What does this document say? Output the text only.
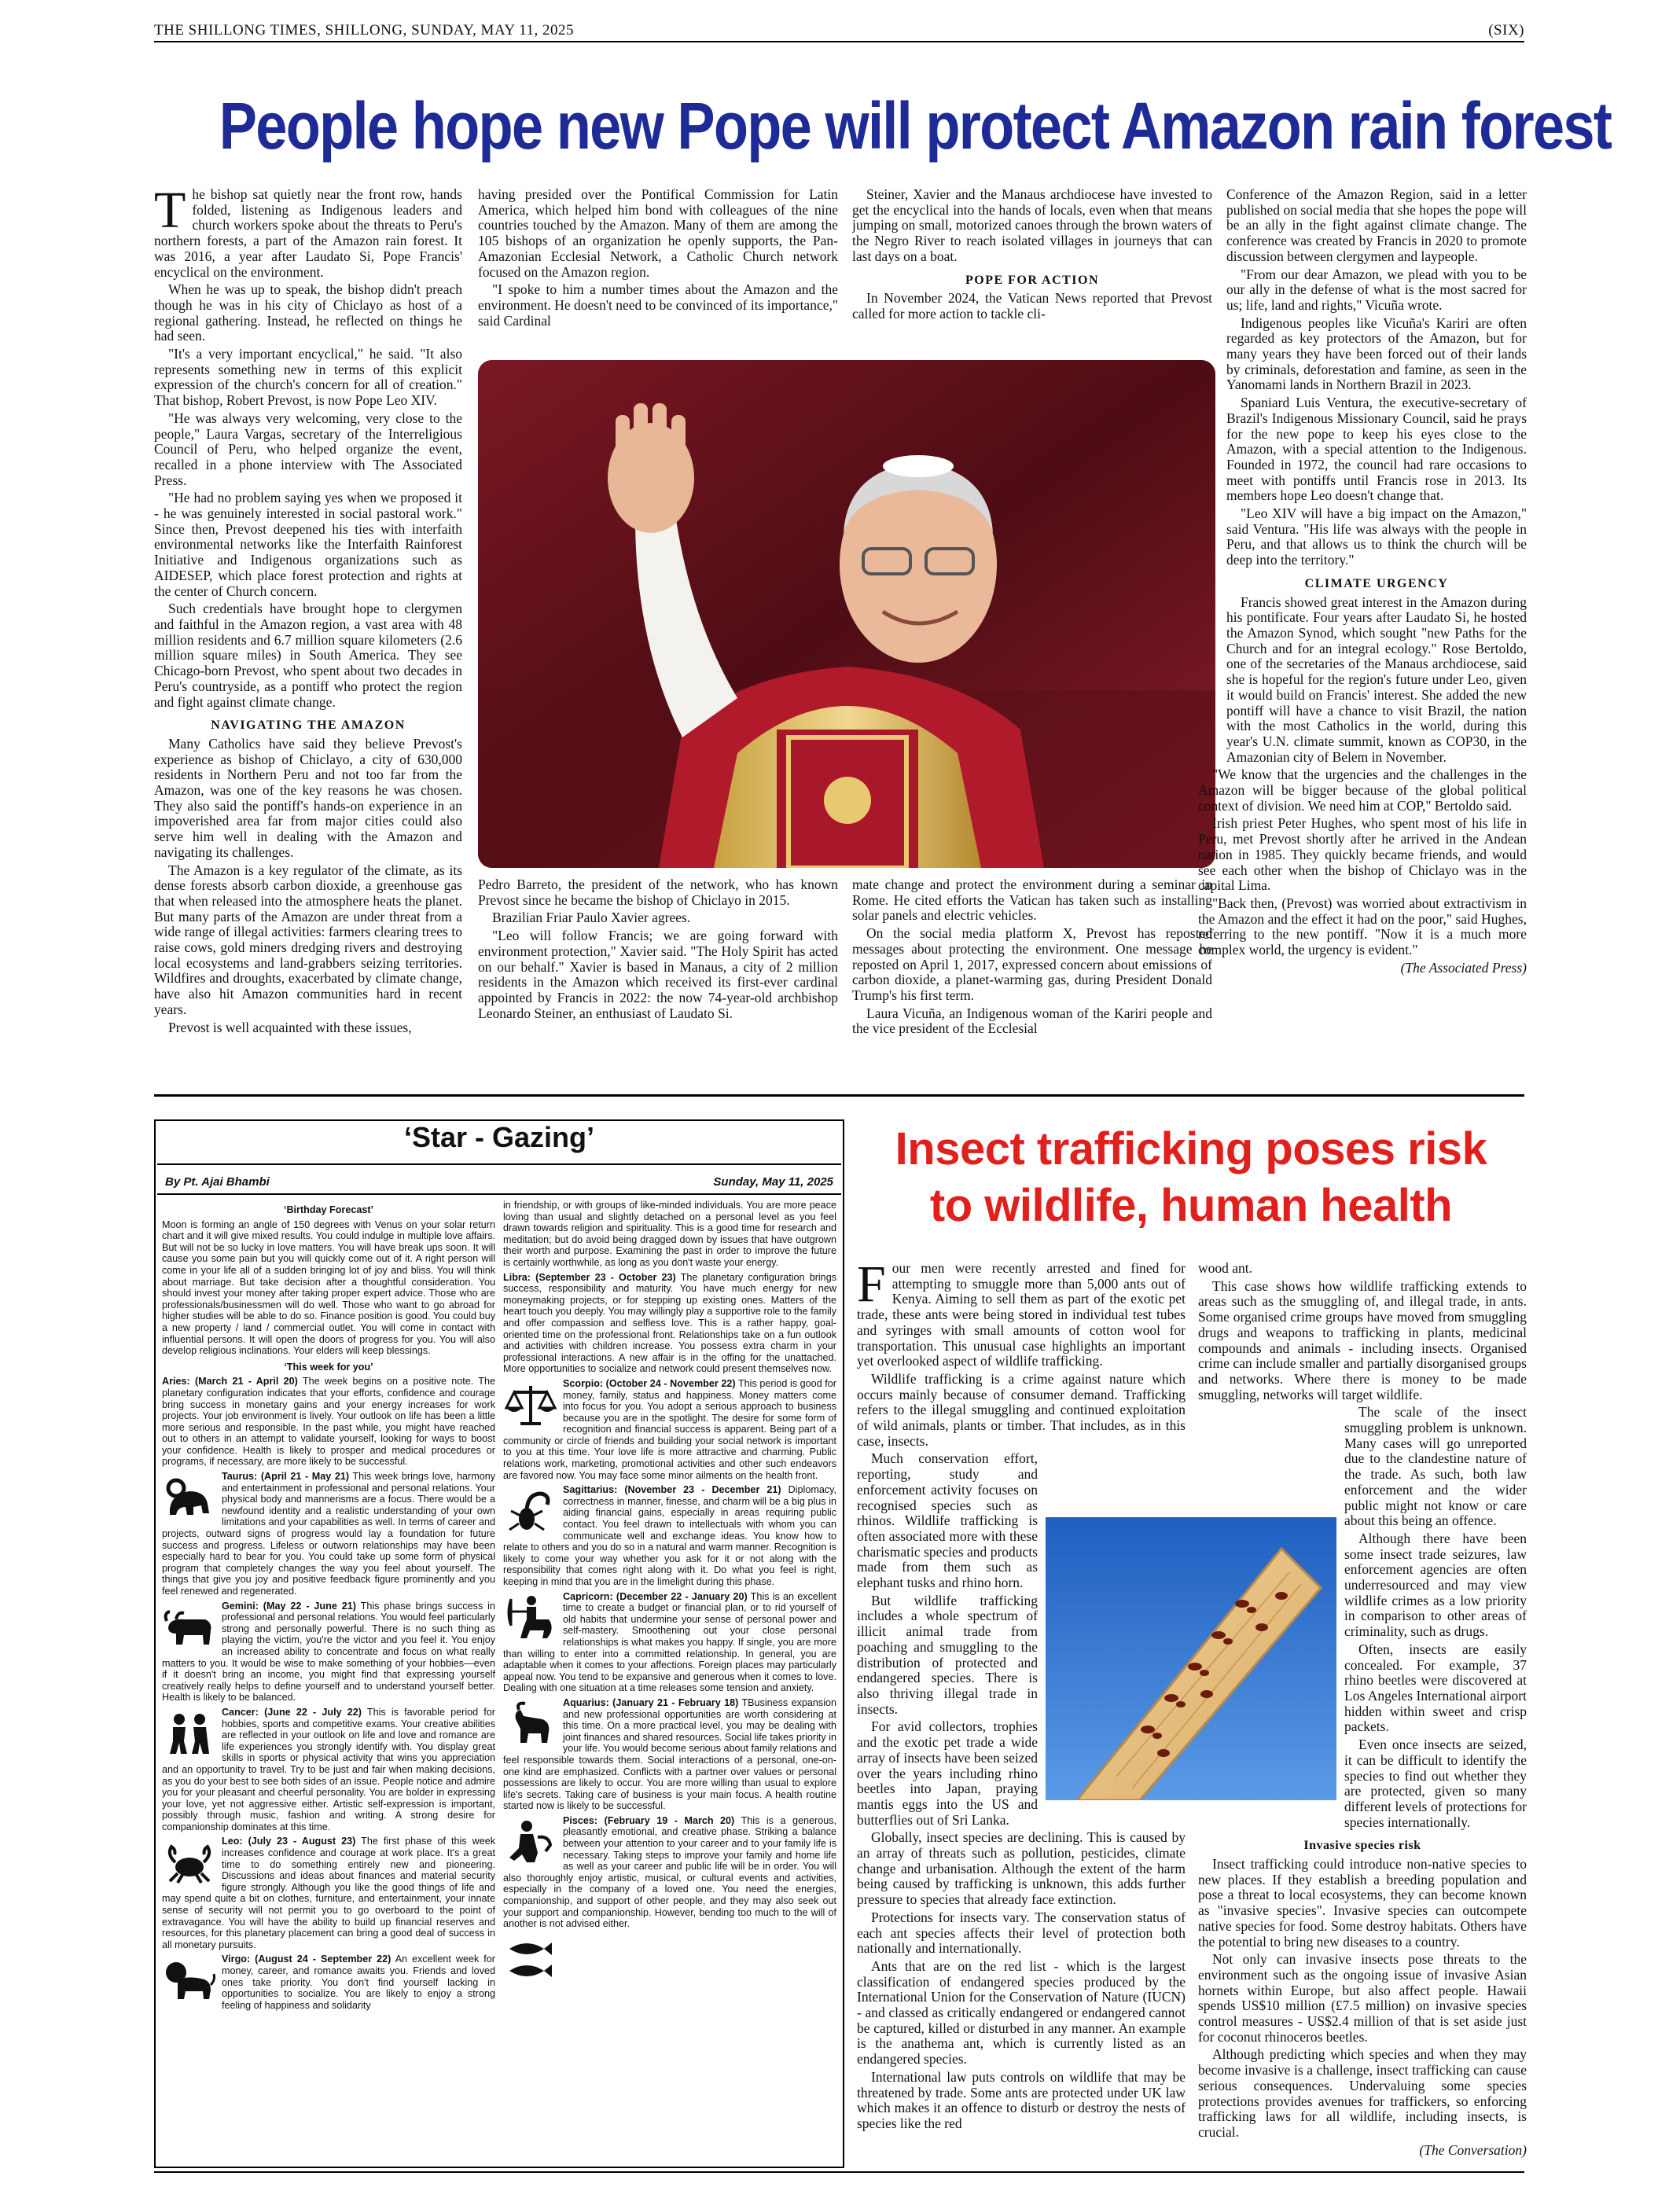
THE SHILLONG TIMES, SHILLONG, SUNDAY, MAY 11, 2025	(SIX)
People hope new Pope will protect Amazon rain forest

The bishop sat quietly near the front row, hands folded, listening as Indigenous leaders and church workers spoke about the threats to Peru's northern forests, a part of the Amazon rain forest. It was 2016, a year after Laudato Si, Pope Francis' encyclical on the environment.

When he was up to speak, the bishop didn't preach though he was in his city of Chiclayo as host of a regional gathering. Instead, he reflected on things he had seen.

"It's a very important encyclical," he said. "It also represents something new in terms of this explicit expression of the church's concern for all of creation." That bishop, Robert Prevost, is now Pope Leo XIV.

"He was always very welcoming, very close to the people," Laura Vargas, secretary of the Interreligious Council of Peru, who helped organize the event, recalled in a phone interview with The Associated Press.

"He had no problem saying yes when we proposed it - he was genuinely interested in social pastoral work." Since then, Prevost deepened his ties with interfaith environmental networks like the Interfaith Rainforest Initiative and Indigenous organizations such as AIDESEP, which place forest protection and rights at the center of Church concern.

Such credentials have brought hope to clergymen and faithful in the Amazon region, a vast area with 48 million residents and 6.7 million square kilometers (2.6 million square miles) in South America. They see Chicago-born Prevost, who spent about two decades in Peru's countryside, as a pontiff who protect the region and fight against climate change.

NAVIGATING THE AMAZON

Many Catholics have said they believe Prevost's experience as bishop of Chiclayo, a city of 630,000 residents in Northern Peru and not too far from the Amazon, was one of the key reasons he was chosen. They also said the pontiff's hands-on experience in an impoverished area far from major cities could also serve him well in dealing with the Amazon and navigating its challenges.

The Amazon is a key regulator of the climate, as its dense forests absorb carbon dioxide, a greenhouse gas that when released into the atmosphere heats the planet. But many parts of the Amazon are under threat from a wide range of illegal activities: farmers clearing trees to raise cows, gold miners dredging rivers and destroying local ecosystems and land-grabbers seizing territories. Wildfires and droughts, exacerbated by climate change, have also hit Amazon communities hard in recent years.

Prevost is well acquainted with these issues,

having presided over the Pontifical Commission for Latin America, which helped him bond with colleagues of the nine countries touched by the Amazon. Many of them are among the 105 bishops of an organization he openly supports, the Pan-Amazonian Ecclesial Network, a Catholic Church network focused on the Amazon region.

"I spoke to him a number times about the Amazon and the environment. He doesn't need to be convinced of its importance," said Cardinal

Steiner, Xavier and the Manaus archdiocese have invested to get the encyclical into the hands of locals, even when that means jumping on small, motorized canoes through the brown waters of the Negro River to reach isolated villages in journeys that can last days on a boat.

POPE FOR ACTION

In November 2024, the Vatican News reported that Prevost called for more action to tackle cli-

Pedro Barreto, the president of the network, who has known Prevost since he became the bishop of Chiclayo in 2015.

Brazilian Friar Paulo Xavier agrees.

"Leo will follow Francis; we are going forward with environment protection," Xavier said. "The Holy Spirit has acted on our behalf." Xavier is based in Manaus, a city of 2 million residents in the Amazon which received its first-ever cardinal appointed by Francis in 2022: the now 74-year-old archbishop Leonardo Steiner, an enthusiast of Laudato Si.

mate change and protect the environment during a seminar in Rome. He cited efforts the Vatican has taken such as installing solar panels and electric vehicles.

On the social media platform X, Prevost has reposted messages about protecting the environment. One message he reposted on April 1, 2017, expressed concern about emissions of carbon dioxide, a planet-warming gas, during President Donald Trump's his first term.

Laura Vicuña, an Indigenous woman of the Kariri people and the vice president of the Ecclesial

Conference of the Amazon Region, said in a letter published on social media that she hopes the pope will be an ally in the fight against climate change. The conference was created by Francis in 2020 to promote discussion between clergymen and laypeople.

"From our dear Amazon, we plead with you to be our ally in the defense of what is the most sacred for us; life, land and rights," Vicuña wrote.

Indigenous peoples like Vicuña's Kariri are often regarded as key protectors of the Amazon, but for many years they have been forced out of their lands by criminals, deforestation and famine, as seen in the Yanomami lands in Northern Brazil in 2023.

Spaniard Luis Ventura, the executive-secretary of Brazil's Indigenous Missionary Council, said he prays for the new pope to keep his eyes close to the Amazon, with a special attention to the Indigenous. Founded in 1972, the council had rare occasions to meet with pontiffs until Francis rose in 2013. Its members hope Leo doesn't change that.

"Leo XIV will have a big impact on the Amazon," said Ventura. "His life was always with the people in Peru, and that allows us to think the church will be deep into the territory."

CLIMATE URGENCY

Francis showed great interest in the Amazon during his pontificate. Four years after Laudato Si, he hosted the Amazon Synod, which sought "new Paths for the Church and for an integral ecology." Rose Bertoldo, one of the secretaries of the Manaus archdiocese, said she is hopeful for the region's future under Leo, given it would build on Francis' interest. She added the new pontiff will have a chance to visit Brazil, the nation with the most Catholics in the world, during this year's U.N. climate summit, known as COP30, in the Amazonian city of Belem in November.

"We know that the urgencies and the challenges in the Amazon will be bigger because of the global political context of division. We need him at COP," Bertoldo said.

Irish priest Peter Hughes, who spent most of his life in Peru, met Prevost shortly after he arrived in the Andean nation in 1985. They quickly became friends, and would see each other when the bishop of Chiclayo was in the capital Lima.

"Back then, (Prevost) was worried about extractivism in the Amazon and the effect it had on the poor," said Hughes, referring to the new pontiff. "Now it is a much more complex world, the urgency is evident."

(The Associated Press)

‘Star - Gazing’
By Pt. Ajai Bhambi	Sunday, May 11, 2025

‘Birthday Forecast’

Moon is forming an angle of 150 degrees with Venus on your solar return chart and it will give mixed results. You could indulge in multiple love affairs. But will not be so lucky in love matters. You will have break ups soon. It will cause you some pain but you will quickly come out of it. A right person will come in your life all of a sudden bringing lot of joy and bliss. You will think about marriage. But take decision after a thoughtful consideration. You should invest your money after taking proper expert advice. Those who are professionals/businessmen will do well. Those who want to go abroad for higher studies will be able to do so. Finance position is good. You could buy a new property / land / commercial outlet. You will come in contact with influential persons. It will open the doors of progress for you. You will also develop religious inclinations. Your elders will keep blessings.

‘This week for you’

Aries: (March 21 - April 20) The week begins on a positive note. The planetary configuration indicates that your efforts, confidence and courage bring success in monetary gains and your energy increases for work projects. Your job environment is lively. Your outlook on life has been a little more serious and responsible. In the past while, you might have reached out to others in an attempt to validate yourself, looking for ways to boost your confidence. Health is likely to prosper and medical procedures or programs, if necessary, are more likely to be successful.

Taurus: (April 21 - May 21) This week brings love, harmony and entertainment in professional and personal relations. Your physical body and mannerisms are a focus. There would be a newfound identity and a realistic understanding of your own limitations and your capabilities as well. In terms of career and projects, outward signs of progress would lay a foundation for future success and progress. Lifeless or outworn relationships may have been especially hard to bear for you. You could take up some form of physical program that completely changes the way you feel about yourself. The things that give you joy and positive feedback figure prominently and you feel renewed and regenerated.

Gemini: (May 22 - June 21) This phase brings success in professional and personal relations. You would feel particularly strong and personally powerful. There is no such thing as playing the victim, you're the victor and you feel it. You enjoy an increased ability to concentrate and focus on what really matters to you. It would be wise to make something of your hobbies—even if it doesn't bring an income, you might find that expressing yourself creatively really helps to define yourself and to understand yourself better. Health is likely to be balanced.

Cancer: (June 22 - July 22) This is favorable period for hobbies, sports and competitive exams. Your creative abilities are reflected in your outlook on life and love and romance are life experiences you strongly identify with. You display great skills in sports or physical activity that wins you appreciation and an opportunity to travel. Try to be just and fair when making decisions, as you do your best to see both sides of an issue. People notice and admire you for your pleasant and cheerful personality. You are bolder in expressing your love, yet not aggressive either. Artistic self-expression is important, possibly through music, fashion and writing. A strong desire for companionship dominates at this time.

Leo: (July 23 - August 23) The first phase of this week increases confidence and courage at work place. It's a great time to do something entirely new and pioneering. Discussions and ideas about finances and material security figure strongly. Although you like the good things of life and may spend quite a bit on clothes, furniture, and entertainment, your innate sense of security will not permit you to go overboard to the point of extravagance. You will have the ability to build up financial reserves and resources, for this planetary placement can bring a good deal of success in all monetary pursuits.

Virgo: (August 24 - September 22) An excellent week for money, career, and romance awaits you. Friends and loved ones take priority. You don't find yourself lacking in opportunities to socialize. You are likely to enjoy a strong feeling of happiness and solidarity

in friendship, or with groups of like-minded individuals. You are more peace loving than usual and slightly detached on a personal level as you feel drawn towards religion and spirituality. This is a good time for research and meditation; but do avoid being dragged down by issues that have outgrown their worth and purpose. Examining the past in order to improve the future is certainly worthwhile, as long as you don't waste your energy.

Libra: (September 23 - October 23) The planetary configuration brings success, responsibility and maturity. You have much energy for new moneymaking projects, or for stepping up existing ones. Matters of the heart touch you deeply. You may willingly play a supportive role to the family and offer compassion and selfless love. This is a rather happy, goal-oriented time on the professional front. Relationships take on a fun outlook and activities with children increase. You possess extra charm in your professional interactions. A new affair is in the offing for the unattached. More opportunities to socialize and network could present themselves now.

Scorpio: (October 24 - November 22) This period is good for money, family, status and happiness. Money matters come into focus for you. You adopt a serious approach to business because you are in the spotlight. The desire for some form of recognition and financial success is apparent. Being part of a community or circle of friends and building your social network is important to you at this time. Your love life is more attractive and charming. Public relations work, marketing, promotional activities and other such endeavors are favored now. You may face some minor ailments on the health front.

Sagittarius: (November 23 - December 21) Diplomacy, correctness in manner, finesse, and charm will be a big plus in aiding financial gains, especially in areas requiring public contact. You feel drawn to intellectuals with whom you can communicate well and exchange ideas. You know how to relate to others and you do so in a natural and warm manner. Recognition is likely to come your way whether you ask for it or not along with the responsibility that comes right along with it. Do what you feel is right, keeping in mind that you are in the limelight during this phase.

Capricorn: (December 22 - January 20) This is an excellent time to create a budget or financial plan, or to rid yourself of old habits that undermine your sense of personal power and self-mastery. Smoothening out your close personal relationships is what makes you happy. If single, you are more than willing to enter into a committed relationship. In general, you are adaptable when it comes to your affections. Foreign places may particularly appeal now. You tend to be expansive and generous when it comes to love. Dealing with one situation at a time releases some tension and anxiety.

Aquarius: (January 21 - February 18) TBusiness expansion and new professional opportunities are worth considering at this time. On a more practical level, you may be dealing with joint finances and shared resources. Social life takes priority in your life. You would become serious about family relations and feel responsible towards them. Social interactions of a personal, one-on-one kind are emphasized. Conflicts with a partner over values or personal possessions are likely to occur. You are more willing than usual to explore life's secrets. Taking care of business is your main focus. A health routine started now is likely to be successful.

Pisces: (February 19 - March 20) This is a generous, pleasantly emotional, and creative phase. Striking a balance between your attention to your career and to your family life is necessary. Taking steps to improve your family and home life as well as your career and public life will be in order. You will also thoroughly enjoy artistic, musical, or cultural events and activities, especially in the company of a loved one. You need the energies, companionship, and support of other people, and they may also seek out your support and companionship. However, bending too much to the will of another is not advised either.

Insect trafficking poses risk
to wildlife, human health

Four men were recently arrested and fined for attempting to smuggle more than 5,000 ants out of Kenya. Aiming to sell them as part of the exotic pet trade, these ants were being stored in individual test tubes and syringes with small amounts of cotton wool for transportation. This unusual case highlights an important yet overlooked aspect of wildlife trafficking.

Wildlife trafficking is a crime against nature which occurs mainly because of consumer demand. Trafficking refers to the illegal smuggling and continued exploitation of wild animals, plants or timber. That includes, as in this case, insects.

Much conservation effort, reporting, study and enforcement activity focuses on recognised species such as rhinos. Wildlife trafficking is often associated more with these charismatic species and products made from them such as elephant tusks and rhino horn.

But wildlife trafficking includes a whole spectrum of illicit animal trade from poaching and smuggling to the distribution of protected and endangered species. There is also thriving illegal trade in insects.

For avid collectors, trophies and the exotic pet trade a wide array of insects have been seized over the years including rhino beetles into Japan, praying mantis eggs into the US and butterflies out of Sri Lanka.

Globally, insect species are declining. This is caused by an array of threats such as pollution, pesticides, climate change and urbanisation. Although the extent of the harm being caused by trafficking is unknown, this adds further pressure to species that already face extinction.

Protections for insects vary. The conservation status of each ant species affects their level of protection both nationally and internationally.

Ants that are on the red list - which is the largest classification of endangered species produced by the International Union for the Conservation of Nature (IUCN) - and classed as critically endangered or endangered cannot be captured, killed or disturbed in any manner. An example is the anathema ant, which is currently listed as an endangered species.

International law puts controls on wildlife that may be threatened by trade. Some ants are protected under UK law which makes it an offence to disturb or destroy the nests of species like the red

wood ant.

This case shows how wildlife trafficking extends to areas such as the smuggling of, and illegal trade, in ants. Some organised crime groups have moved from smuggling drugs and weapons to trafficking in plants, medicinal compounds and animals - including insects. Organised crime can include smaller and partially disorganised groups and networks. Where there is money to be made smuggling, networks will target wildlife.

The scale of the insect smuggling problem is unknown. Many cases will go unreported due to the clandestine nature of the trade. As such, both law enforcement and the wider public might not know or care about this being an offence.

Although there have been some insect trade seizures, law enforcement agencies are often underresourced and may view wildlife crimes as a low priority in comparison to other areas of criminality, such as drugs.

Often, insects are easily concealed. For example, 37 rhino beetles were discovered at Los Angeles International airport hidden within sweet and crisp packets.

Even once insects are seized, it can be difficult to identify the species to find out whether they are protected, given so many different levels of protections for species internationally.

Invasive species risk

Insect trafficking could introduce non-native species to new places. If they establish a breeding population and pose a threat to local ecosystems, they can become known as "invasive species". Invasive species can outcompete native species for food. Some destroy habitats. Others have the potential to bring new diseases to a country.

Not only can invasive insects pose threats to the environment such as the ongoing issue of invasive Asian hornets within Europe, but also affect people. Hawaii spends US$10 million (£7.5 million) on invasive species control measures - US$2.4 million of that is set aside just for coconut rhinoceros beetles.

Although predicting which species and when they may become invasive is a challenge, insect trafficking can cause serious consequences. Undervaluing some species protections provides avenues for traffickers, so enforcing trafficking laws for all wildlife, including insects, is crucial.

(The Conversation)
